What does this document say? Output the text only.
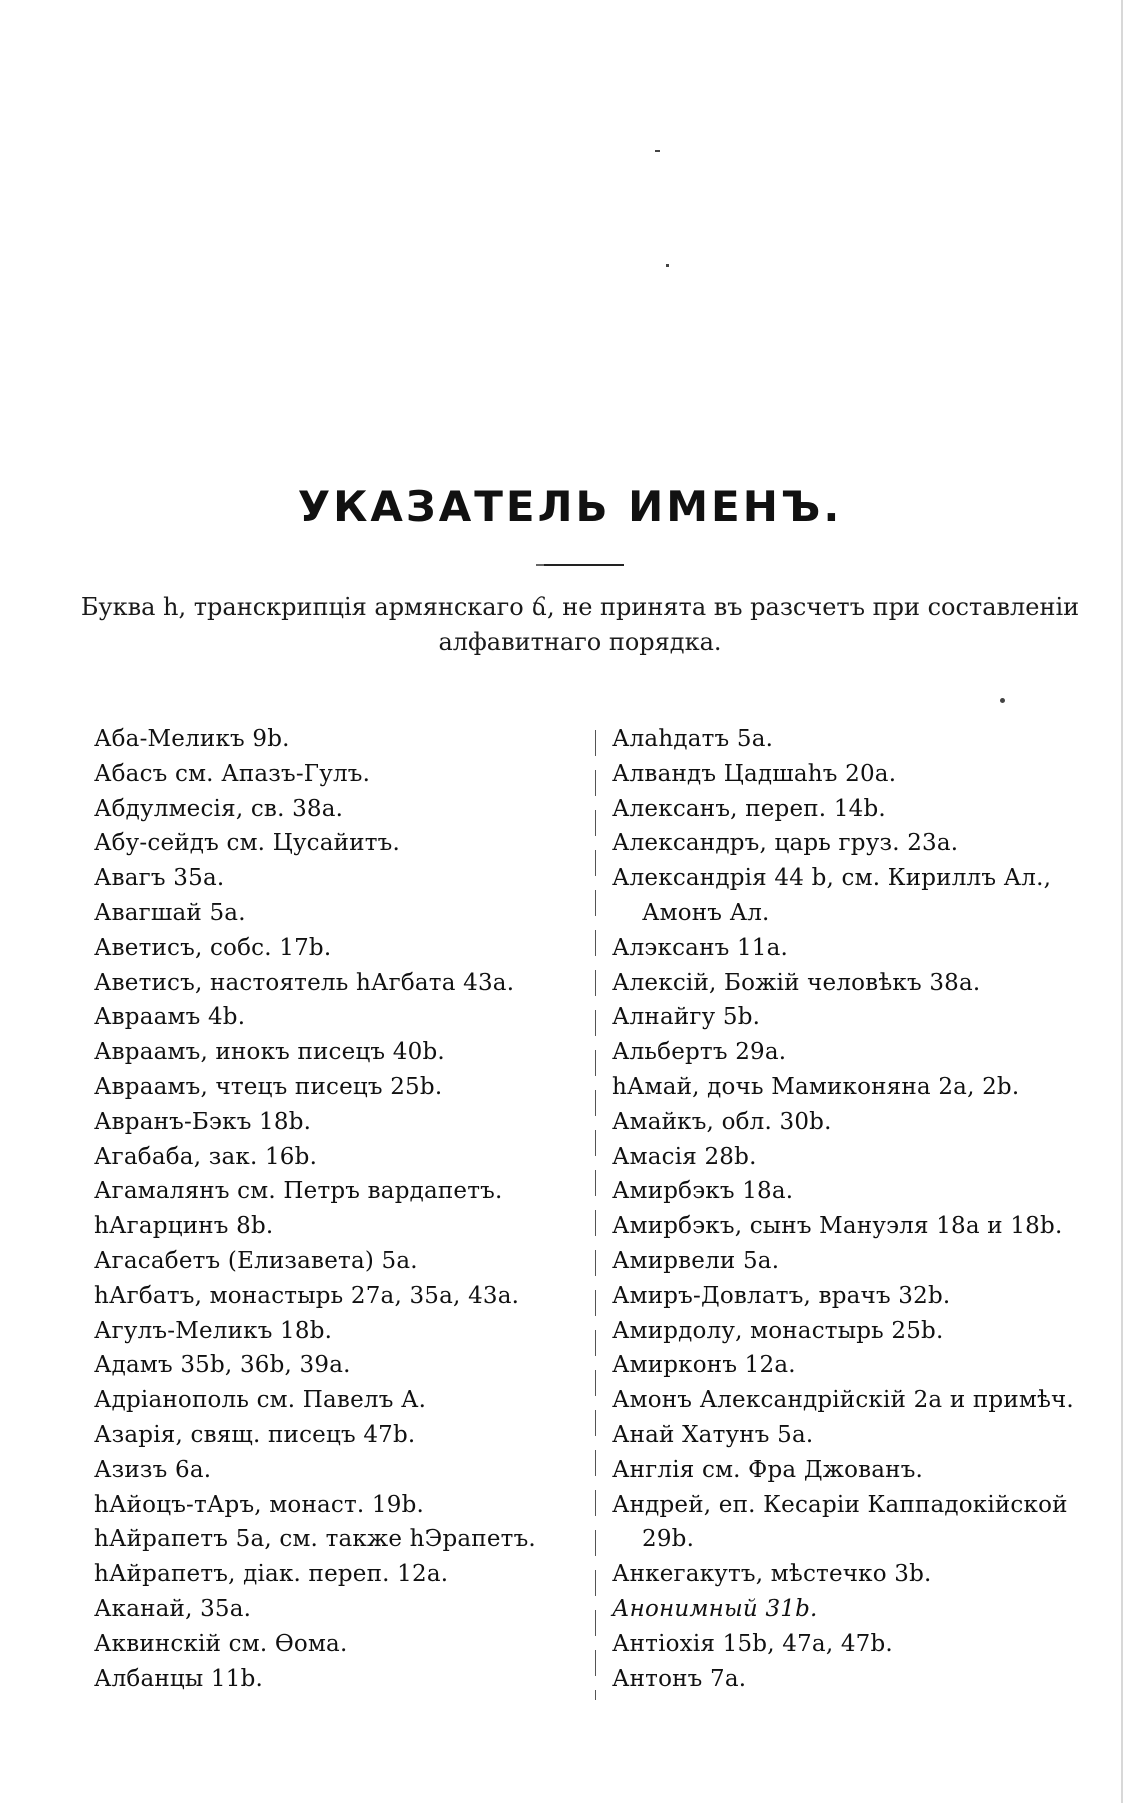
УКАЗАТЕЛЬ ИМЕНЪ.
Буква h, транскрипція армянскаго ճ, не принята въ разсчетъ при составленіи
алфавитнаго порядка.
Аба-Меликъ 9b.
Абасъ см. Апазъ-Гулъ.
Абдулмесія, св. 38а.
Абу-сейдъ см. Цусайитъ.
Авагъ 35а.
Авагшай 5а.
Аветисъ, собс. 17b.
Аветисъ, настоятель hАгбата 43а.
Авраамъ 4b.
Авраамъ, инокъ писецъ 40b.
Авраамъ, чтецъ писецъ 25b.
Авранъ-Бэкъ 18b.
Агабаба, зак. 16b.
Агамалянъ см. Петръ вардапетъ.
hАгарцинъ 8b.
Агасабетъ (Елизавета) 5а.
hАгбатъ, монастырь 27а, 35а, 43а.
Агулъ-Меликъ 18b.
Адамъ 35b, 36b, 39а.
Адріанополь см. Павелъ А.
Азарія, свящ. писецъ 47b.
Азизъ 6а.
hАйоцъ-тАръ, монаст. 19b.
hАйрапетъ 5а, см. также hЭрапетъ.
hАйрапетъ, діак. переп. 12а.
Аканай, 35а.
Аквинскій см. Ѳома.
Албанцы 11b.
Алаhдатъ 5а.
Алвандъ Цадшаhъ 20а.
Алексанъ, переп. 14b.
Александръ, царь груз. 23а.
Александрія 44 b, см. Кириллъ Ал.,
Амонъ Ал.
Алэксанъ 11а.
Алексій, Божій человѣкъ 38а.
Алнайгу 5b.
Альбертъ 29а.
hАмай, дочь Мамиконяна 2а, 2b.
Амайкъ, обл. 30b.
Амасія 28b.
Амирбэкъ 18а.
Амирбэкъ, сынъ Мануэля 18а и 18b.
Амирвели 5а.
Амиръ-Довлатъ, врачъ 32b.
Амирдолу, монастырь 25b.
Амирконъ 12а.
Амонъ Александрійскій 2а и примѣч.
Анай Хатунъ 5а.
Англія см. Фра Джованъ.
Андрей, еп. Кесаріи Каппадокійской
29b.
Анкегакутъ, мѣстечко 3b.
Анонимный 31b.
Антіохія 15b, 47а, 47b.
Антонъ 7а.
